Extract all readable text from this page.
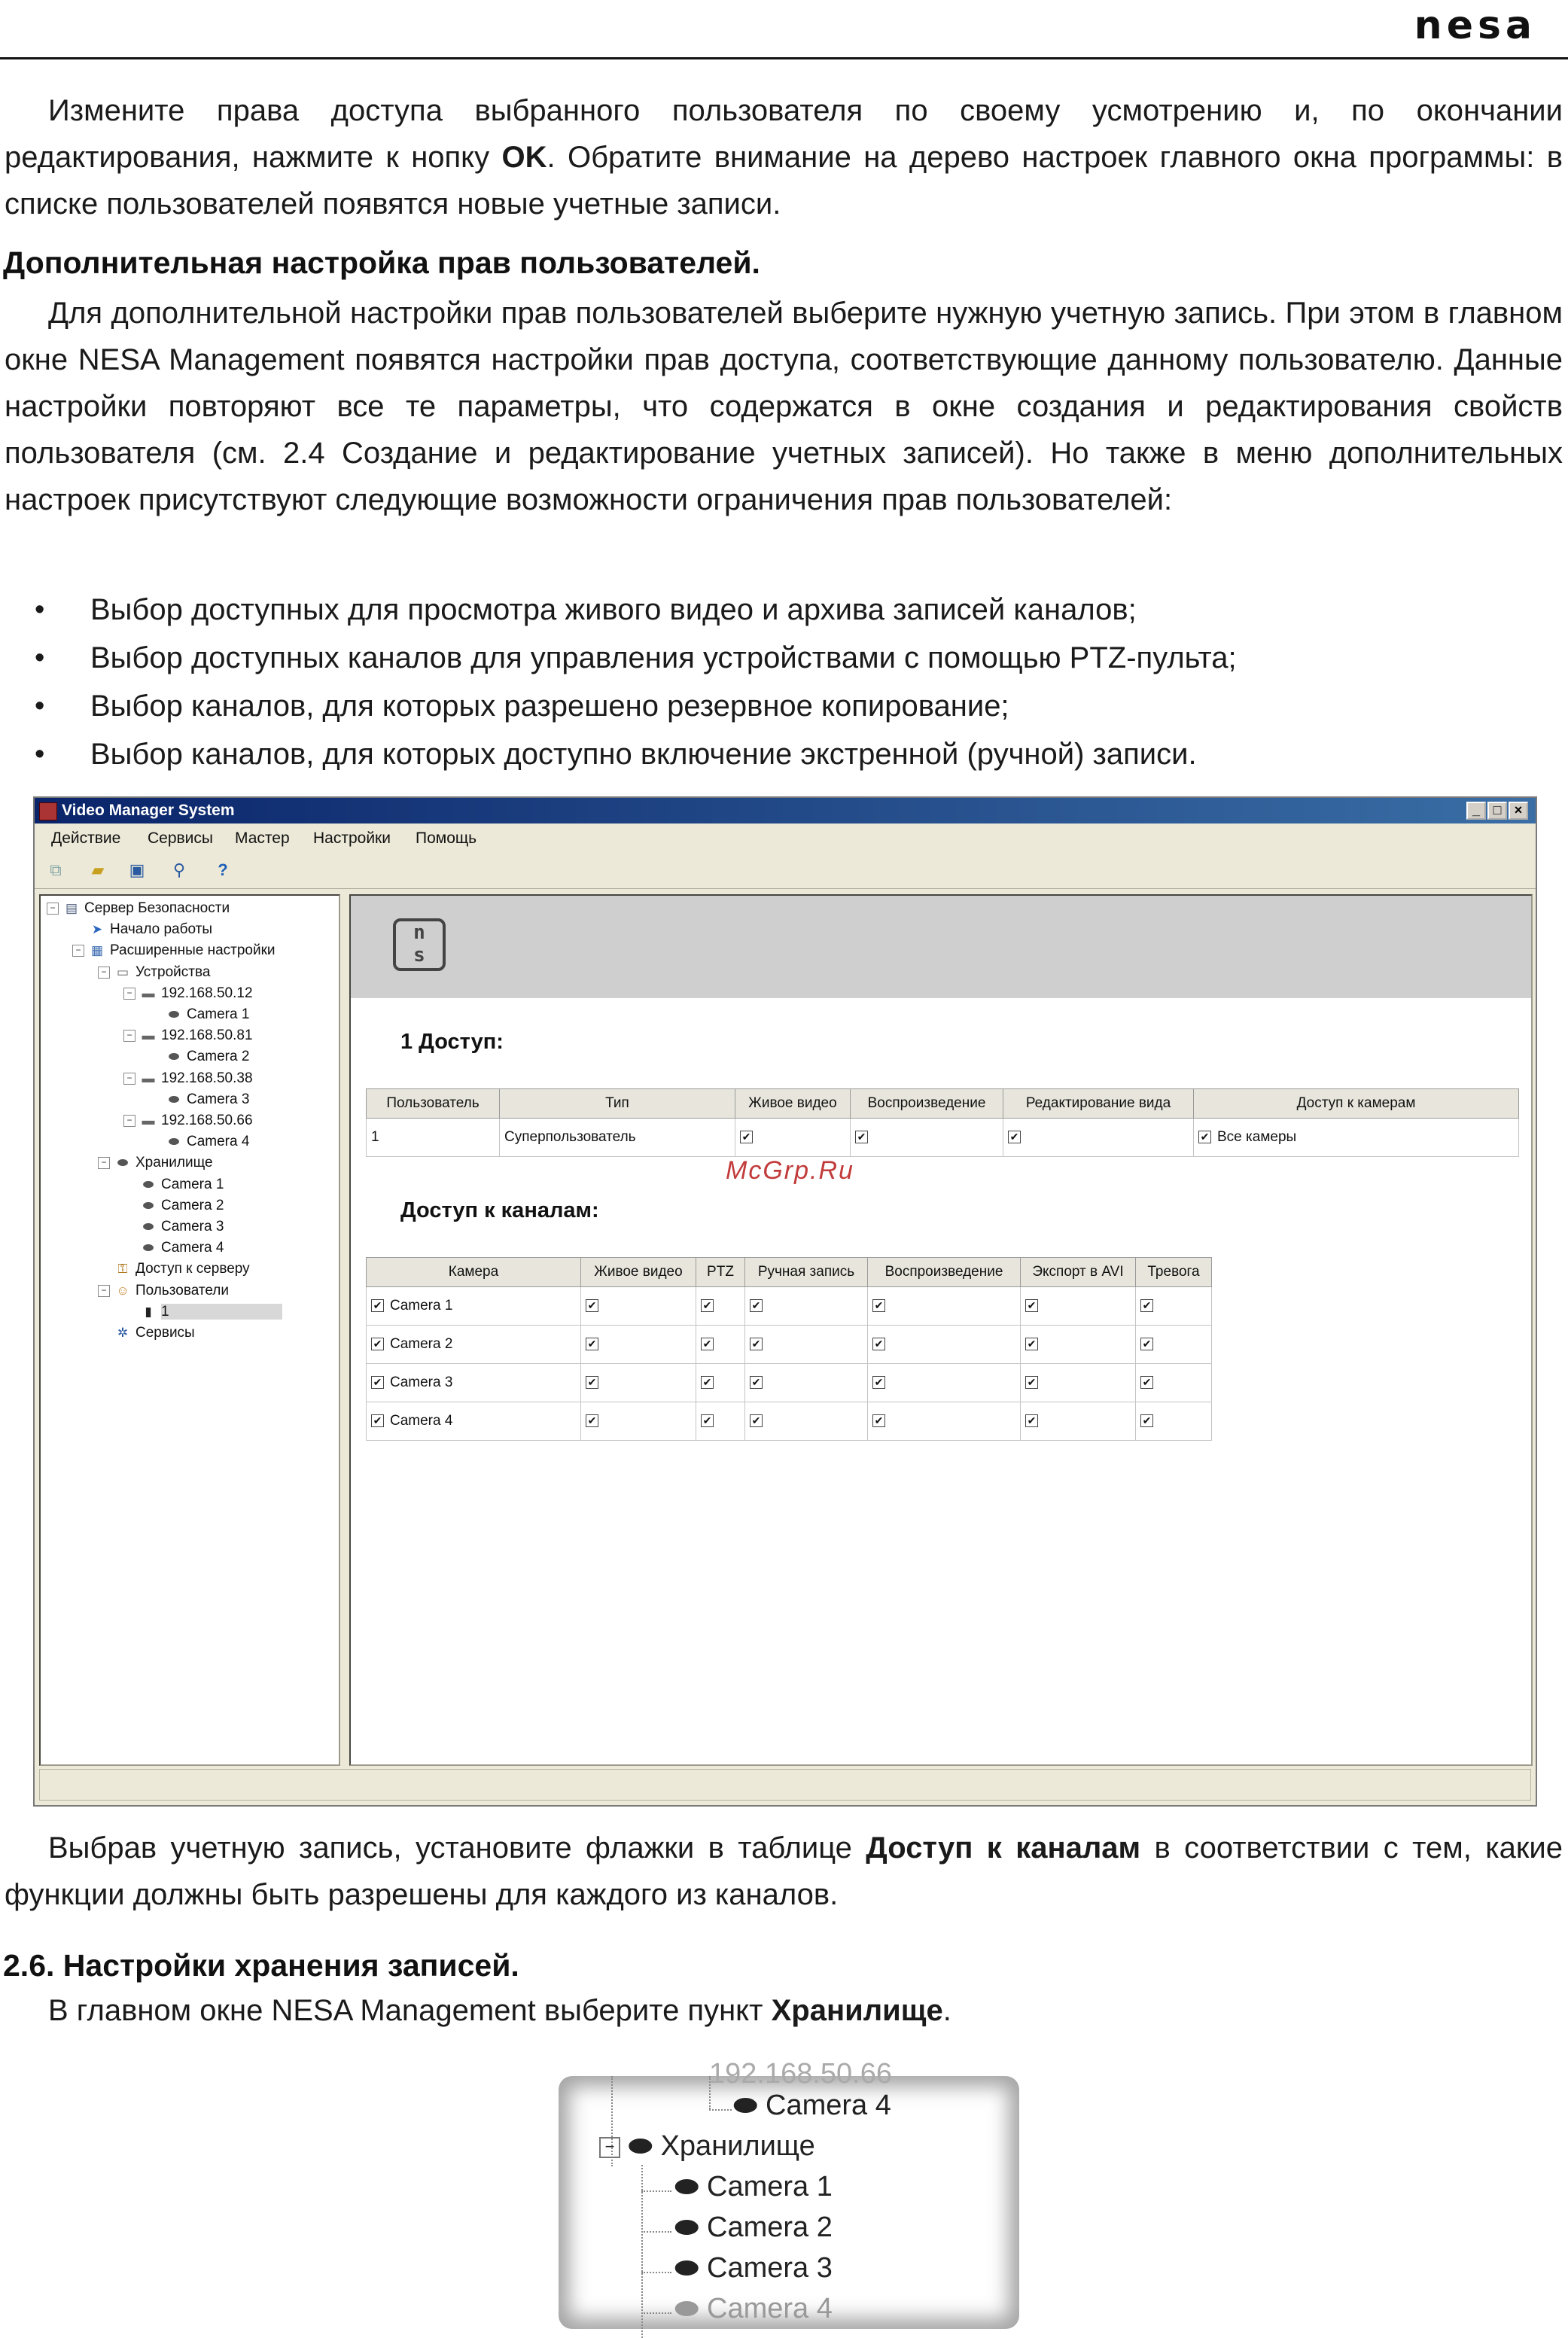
nesa
Измените права доступа выбранного пользователя по своему усмотрению и, по окончании редактирования, нажмите к нопку OK. Обратите внимание на дерево настроек главного окна программы: в списке пользователей появятся новые учетные записи.
Дополнительная настройка прав пользователей.
Для дополнительной настройки прав пользователей выберите нужную учетную запись. При этом в главном окне NESA Management появятся настройки прав доступа, соответствующие данному пользователю. Данные настройки повторяют все те параметры, что содержатся в окне создания и редактирования свойств пользователя (см. 2.4 Создание и редактирование учетных записей). Но также в меню дополнительных настроек присутствуют следующие возможности ограничения прав пользователей:
• Выбор доступных для просмотра живого видео и архива записей каналов;
• Выбор доступных каналов для управления устройствами с помощью PTZ-пульта;
• Выбор каналов, для которых разрешено резервное копирование;
• Выбор каналов, для которых доступно включение экстренной (ручной) записи.
Video Manager System	_ □ ×
Действие Сервисы Мастер Настройки Помощь
⧉ ▰ ▣ ⚲	?
− ▤ Сервер Безопасности
➤ Начало работы
− ▦ Расширенные настройки
− ▭ Устройства
− ▬ 192.168.50.12
⬬ Camera 1
− ▬ 192.168.50.81
⬬ Camera 2
− ▬ 192.168.50.38
⬬ Camera 3
− ▬ 192.168.50.66
⬬ Camera 4
− ⬬ Хранилище
⬬ Camera 1
⬬ Camera 2
⬬ Camera 3
⬬ Camera 4
⚿ Доступ к серверу
− ☺ Пользователи
▮ 1
✲ Сервисы
n
s
1 Доступ:
Пользователь	Тип	Живое видео	Воспроизведение	Редактирование вида	Доступ к камерам
1	Суперпользователь	✔	✔	✔	✔ Все камеры
McGrp.Ru
Доступ к каналам:
Камера	Живое видео	PTZ	Ручная запись	Воспроизведение	Экспорт в AVI	Тревога
✔ Camera 1	✔	✔	✔	✔	✔	✔
✔ Camera 2	✔	✔	✔	✔	✔	✔
✔ Camera 3	✔	✔	✔	✔	✔	✔
✔ Camera 4	✔	✔	✔	✔	✔	✔
Выбрав учетную запись, установите флажки в таблице Доступ к каналам в соответствии с тем, какие функции должны быть разрешены для каждого из каналов.
2.6. Настройки хранения записей.
В главном окне NESA Management выберите пункт Хранилище.
192.168.50.66
⬬ Camera 4
− ⬬ Хранилище
⬬ Camera 1
⬬ Camera 2
⬬ Camera 3
⬬ Camera 4
